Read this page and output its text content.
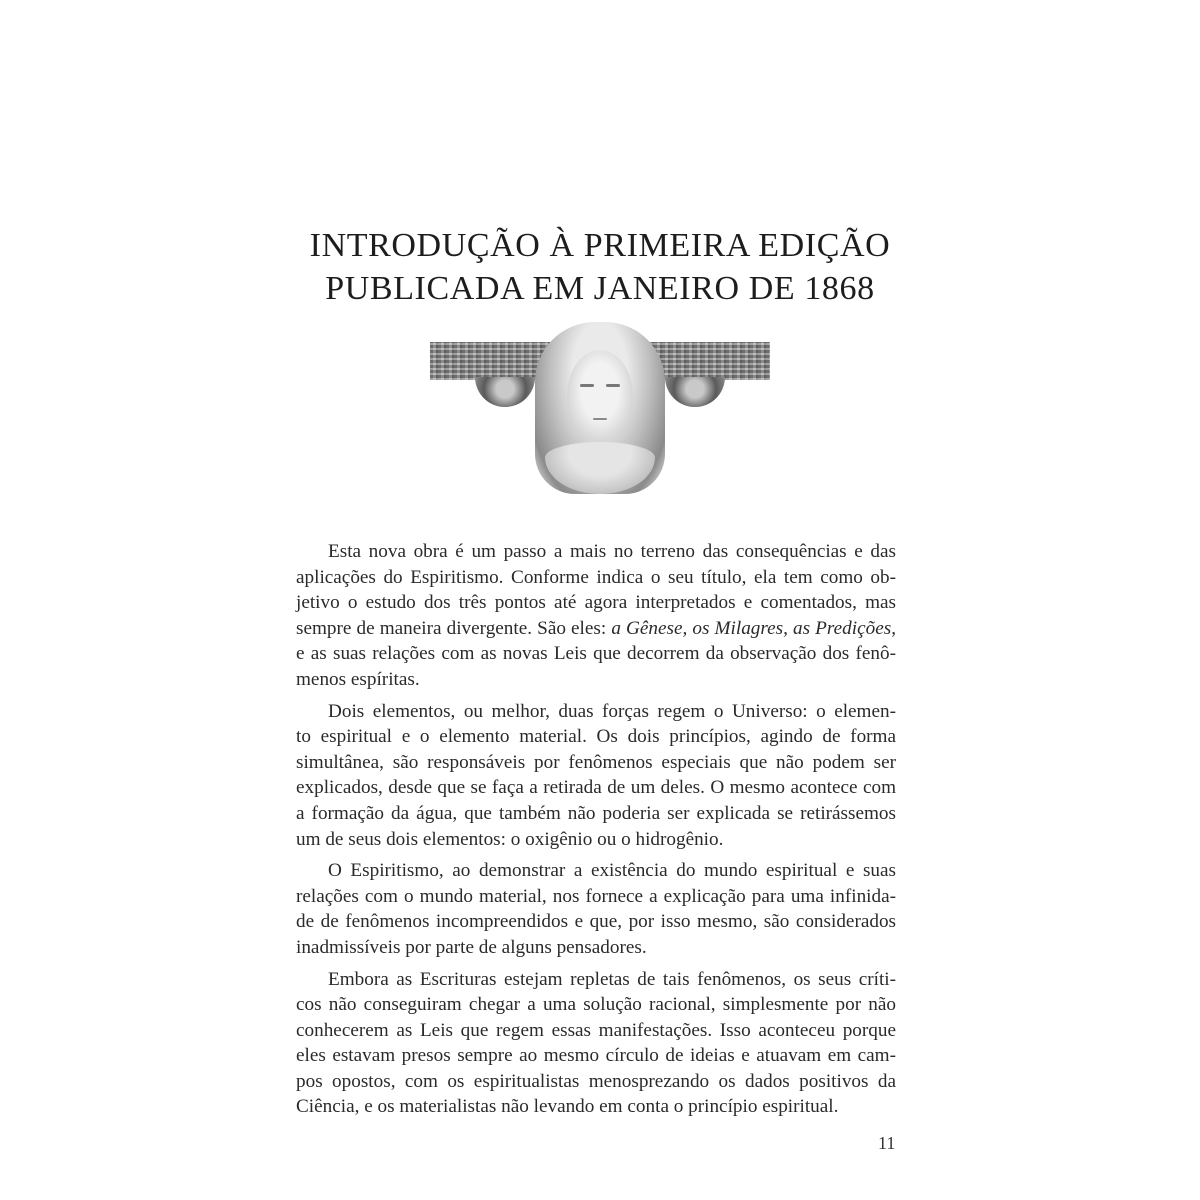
INTRODUÇÃO À PRIMEIRA EDIÇÃO
PUBLICADA EM JANEIRO DE 1868

Esta nova obra é um passo a mais no terreno das consequências e das
aplicações do Espiritismo. Conforme indica o seu título, ela tem como ob-
jetivo o estudo dos três pontos até agora interpretados e comentados, mas
sempre de maneira divergente. São eles: a Gênese, os Milagres, as Predições,
e as suas relações com as novas Leis que decorrem da observação dos fenô-
menos espíritas.

Dois elementos, ou melhor, duas forças regem o Universo: o elemen-
to espiritual e o elemento material. Os dois princípios, agindo de forma
simultânea, são responsáveis por fenômenos especiais que não podem ser
explicados, desde que se faça a retirada de um deles. O mesmo acontece com
a formação da água, que também não poderia ser explicada se retirássemos
um de seus dois elementos: o oxigênio ou o hidrogênio.

O Espiritismo, ao demonstrar a existência do mundo espiritual e suas
relações com o mundo material, nos fornece a explicação para uma infinida-
de de fenômenos incompreendidos e que, por isso mesmo, são considerados
inadmissíveis por parte de alguns pensadores.

Embora as Escrituras estejam repletas de tais fenômenos, os seus críti-
cos não conseguiram chegar a uma solução racional, simplesmente por não
conhecerem as Leis que regem essas manifestações. Isso aconteceu porque
eles estavam presos sempre ao mesmo círculo de ideias e atuavam em cam-
pos opostos, com os espiritualistas menosprezando os dados positivos da
Ciência, e os materialistas não levando em conta o princípio espiritual.

11
